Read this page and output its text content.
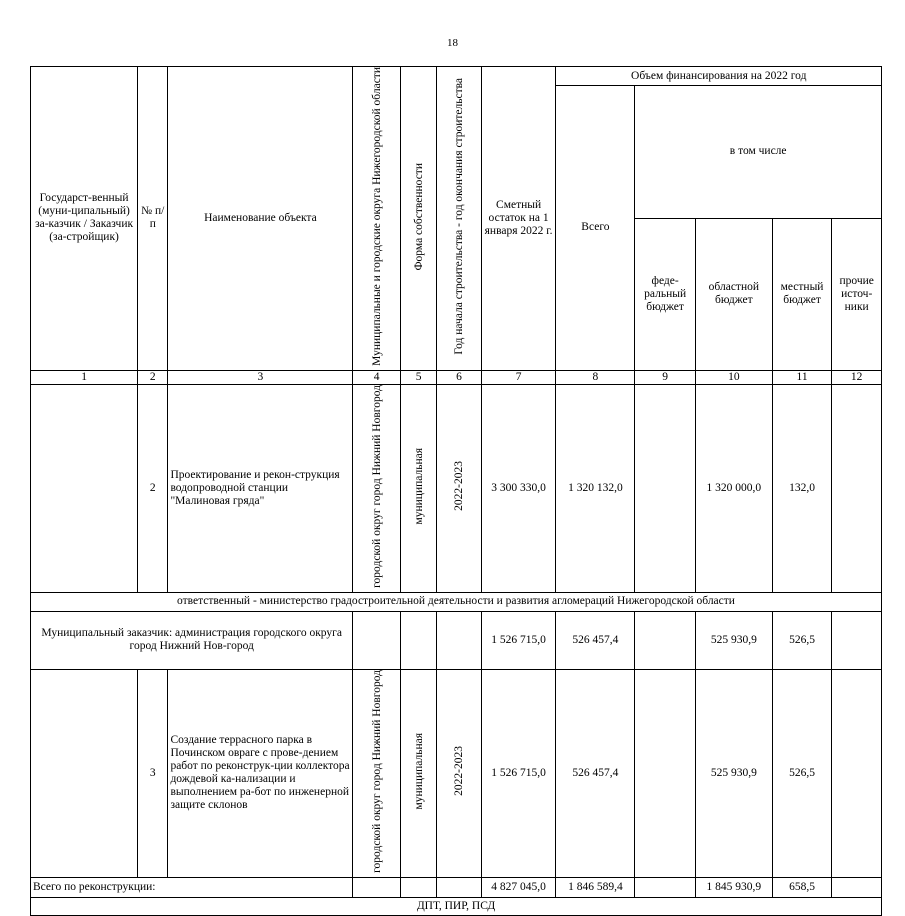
18
Государст-венный (муни-ципальный) за-казчик / Заказчик (за-стройщик)	№ п/п	Наименование объекта	Муниципальные и городские округа Нижегородской области	Форма собственности	Год начала строительства - год окончания строительства	Сметный остаток на 1 января 2022 г.	Объем финансирования на 2022 год				
							Всего	в том числе			
								феде-ральный бюджет	областной бюджет	местный бюджет	прочие источ-ники
1	2	3	4	5	6	7	8	9	10	11	12
	2	Проектирование и рекон-струкция водопроводной станции "Малиновая гряда"	городской округ город Нижний Новгород	муниципальная	2022-2023	3 300 330,0	1 320 132,0		1 320 000,0	132,0	
ответственный - министерство градостроительной деятельности и развития агломераций Нижегородской области											
Муниципальный заказчик: администрация городского округа город Нижний Нов-город						1 526 715,0	526 457,4		525 930,9	526,5	
	3	Создание террасного парка в Починском овраге с прове-дением работ по реконструк-ции коллектора дождевой ка-нализации и выполнением ра-бот по инженерной защите склонов	городской округ город Нижний Новгород	муниципальная	2022-2023	1 526 715,0	526 457,4		525 930,9	526,5	
Всего по реконструкции:						4 827 045,0	1 846 589,4		1 845 930,9	658,5	
ДПТ, ПИР, ПСД											
